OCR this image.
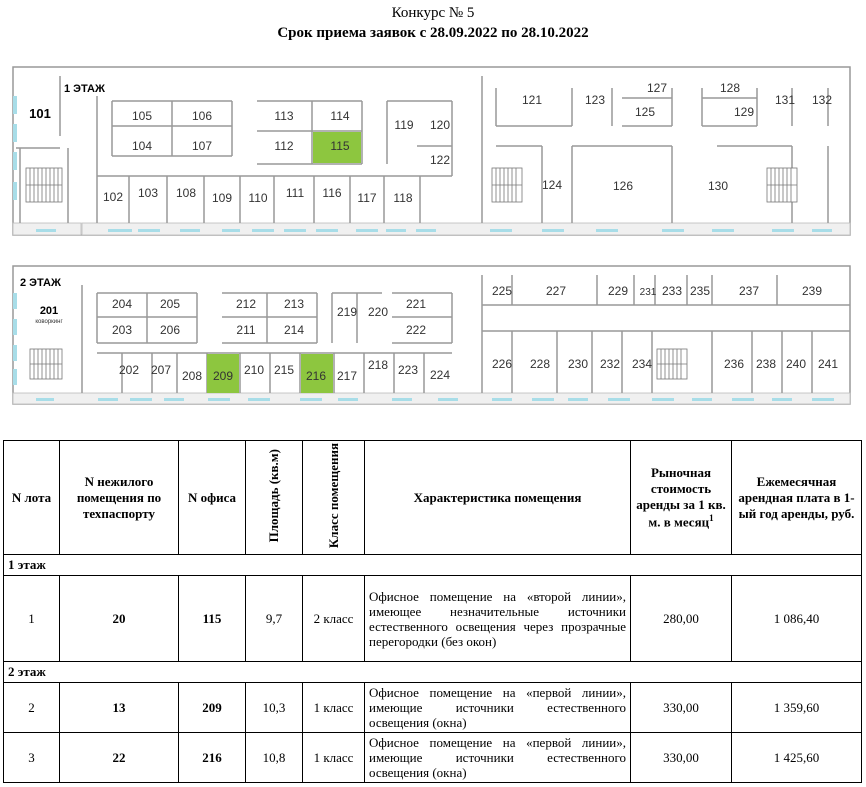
Конкурс № 5
Срок приема заявок с 28.09.2022 по 28.10.2022
1 ЭТАЖ
101	105	106	113	114
104	107	112	115
119 120
122
102 103 108 109 110 111 116 117 118
121	123
127
125
128
129
131 132
124	126	130
2 ЭТАЖ
коворкинг
201	204 205	212 213	221
203 206	211 214
219 220
222
202 207 208 209 210 215 216 217
218 223 224
225	227	229 231 233 235 237	239
226 228 230 232 234	236 238 240 241
N лота	N нежилого помещения по техпаспорту	N офиса	Площадь (кв.м)	Класс помещения	Характеристика помещения	Рыночная стоимость аренды за 1 кв. м. в месяц$^1$	Ежемесячная арендная плата в 1-ый год аренды, руб.
1 этаж							
1	20	115	9,7	2 класс	Офисное помещение на «второй линии», имеющее незначительные источники естественного освещения через прозрачные перегородки (без окон)	280,00	1 086,40
2 этаж							
2	13	209	10,3	1 класс	Офисное помещение на «первой линии», имеющие источники естественного освещения (окна)	330,00	1 359,60
3	22	216	10,8	1 класс	Офисное помещение на «первой линии», имеющие источники естественного освещения (окна)	330,00	1 425,60
